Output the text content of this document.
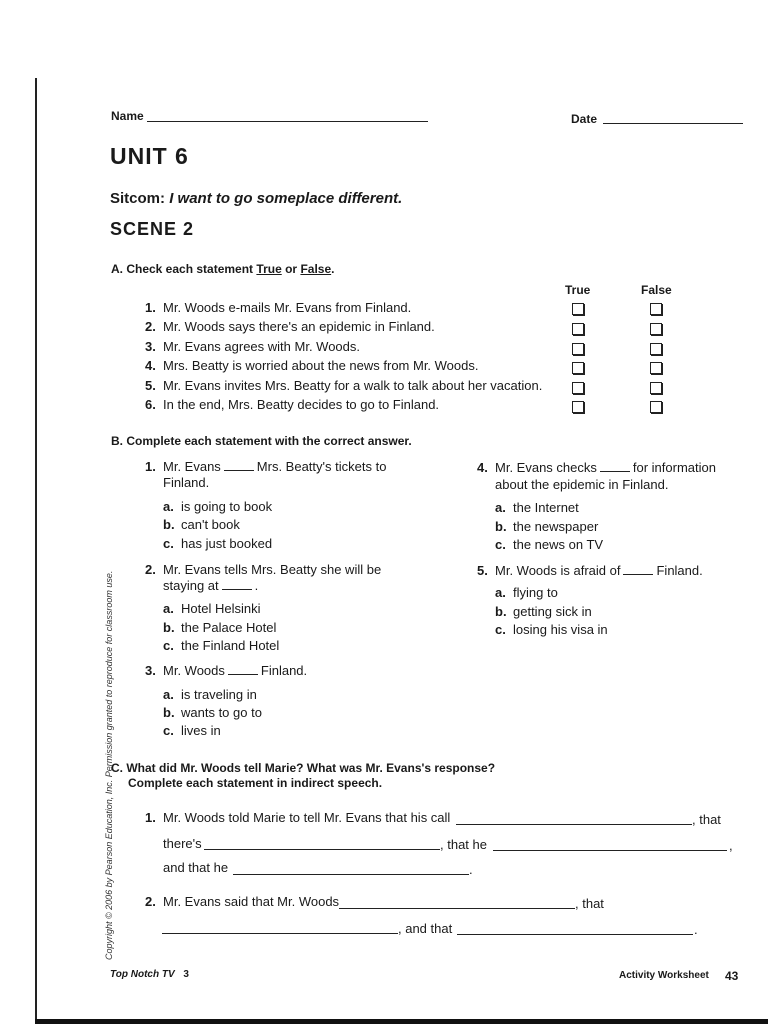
Name	Date
UNIT 6
Sitcom: I want to go someplace different.
SCENE 2
A. Check each statement True or False.
True	False
1. Mr. Woods e-mails Mr. Evans from Finland.
2. Mr. Woods says there's an epidemic in Finland.
3. Mr. Evans agrees with Mr. Woods.
4. Mrs. Beatty is worried about the news from Mr. Woods.
5. Mr. Evans invites Mrs. Beatty for a walk to talk about her vacation.
6. In the end, Mrs. Beatty decides to go to Finland.
B. Complete each statement with the correct answer.
1. Mr. Evans	Mrs. Beatty's tickets to
Finland.
a. is going to book
b. can't book
c. has just booked
2. Mr. Evans tells Mrs. Beatty she will be
staying at	.
a. Hotel Helsinki
b. the Palace Hotel
c. the Finland Hotel
3. Mr. Woods	Finland.
a. is traveling in
b. wants to go to
c. lives in
4. Mr. Evans checks	for information
about the epidemic in Finland.
a. the Internet
b. the newspaper
c. the news on TV
5. Mr. Woods is afraid of	Finland.
a. flying to
b. getting sick in
c. losing his visa in
C. What did Mr. Woods tell Marie? What was Mr. Evans's response?
Complete each statement in indirect speech.
1. Mr. Woods told Marie to tell Mr. Evans that his call	, that
there's	, that he	,
and that he	.
2. Mr. Evans said that Mr. Woods	, that
, and that	.
Copyright © 2006 by Pearson Education, Inc. Permission granted to reproduce for classroom use.
Top Notch TV 3	Activity Worksheet 43
